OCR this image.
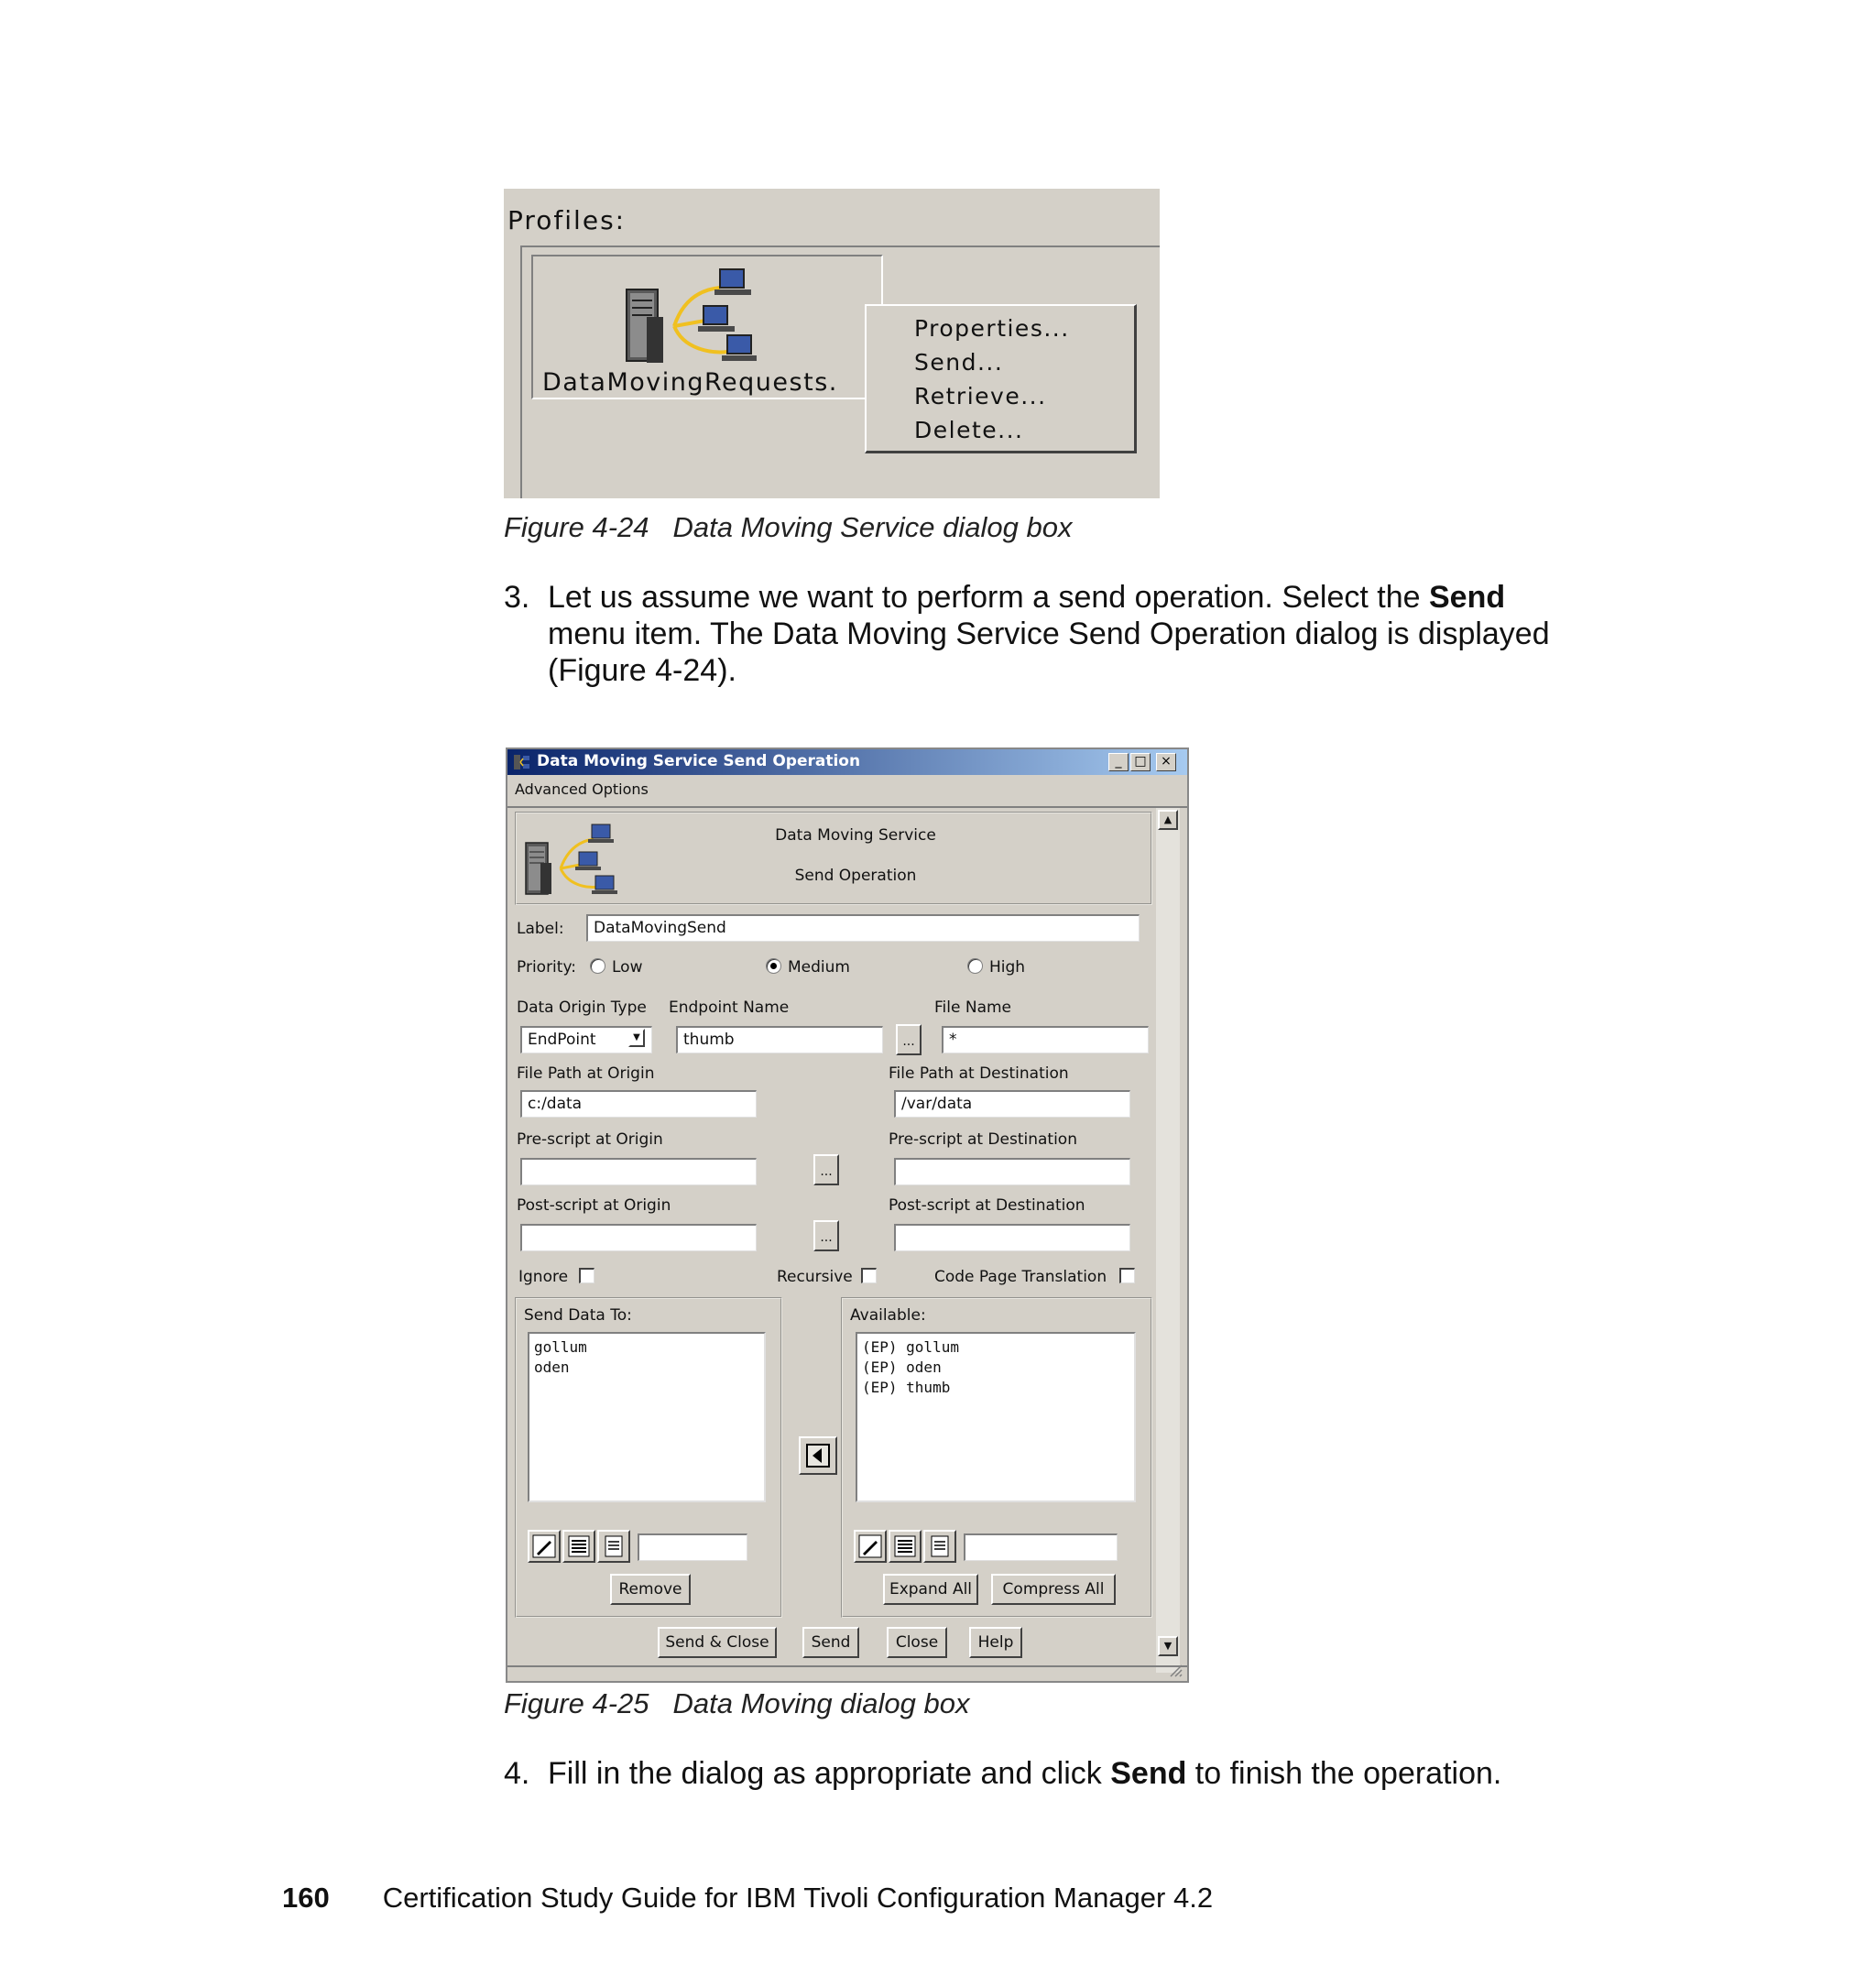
Profiles:
DataMovingRequests.
Properties...
Send...
Retrieve...
Delete...
Figure 4-24 Data Moving Service dialog box
3. Let us assume we want to perform a send operation. Select the Send menu item. The Data Moving Service Send Operation dialog is displayed (Figure 4-24).

Data Moving Service Send Operation	_ □	×
Advanced Options
▲
▼
Data Moving Service
Send Operation
Label:	DataMovingSend
Priority: Low	Medium	High
Data Origin Type Endpoint Name	File Name
EndPoint	▼	thumb	...	*
File Path at Origin	File Path at Destination
c:/data	/var/data
Pre-script at Origin	Pre-script at Destination
...
Post-script at Origin	Post-script at Destination
...
Ignore	Recursive	Code Page Translation
Send Data To:
gollum
oden
Remove
Available:
(EP) gollum
(EP) oden
(EP) thumb
Expand All	Compress All
Send & Close	Send	Close	Help
Figure 4-25 Data Moving dialog box
4. Fill in the dialog as appropriate and click Send to finish the operation.

160 Certification Study Guide for IBM Tivoli Configuration Manager 4.2
